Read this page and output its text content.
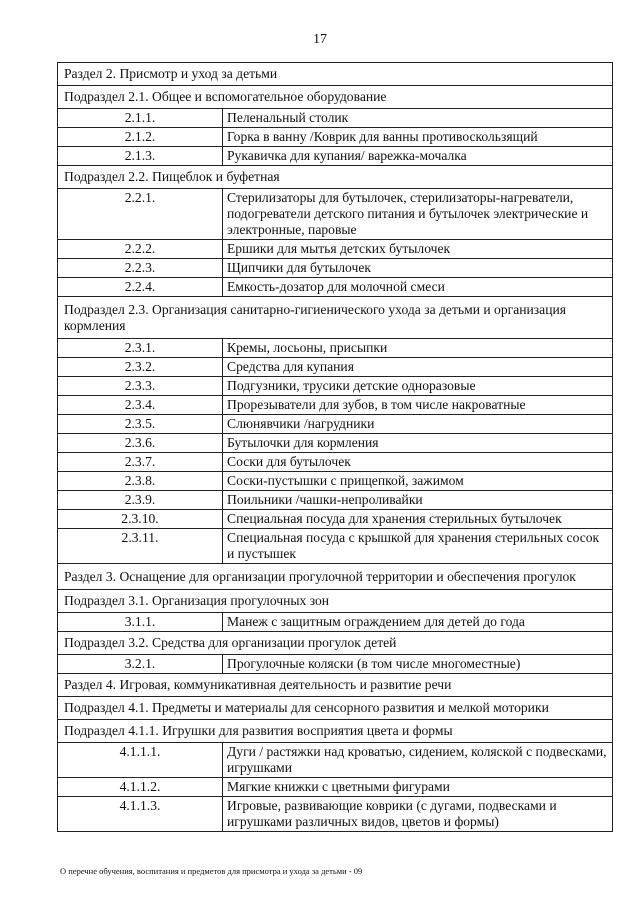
17
Раздел 2. Присмотр и уход за детьми	
Подраздел 2.1. Общее и вспомогательное оборудование	
2.1.1.	Пеленальный столик
2.1.2.	Горка в ванну /Коврик для ванны противоскользящий
2.1.3.	Рукавичка для купания/ варежка-мочалка
Подраздел 2.2. Пищеблок и буфетная	
2.2.1.	Стерилизаторы для бутылочек, стерилизаторы-нагреватели, подогреватели детского питания и бутылочек электрические и электронные, паровые
2.2.2.	Ершики для мытья детских бутылочек
2.2.3.	Щипчики для бутылочек
2.2.4.	Емкость-дозатор для молочной смеси
Подраздел 2.3. Организация санитарно-гигиенического ухода за детьми и организация кормления	
2.3.1.	Кремы, лосьоны, присыпки
2.3.2.	Средства для купания
2.3.3.	Подгузники, трусики детские одноразовые
2.3.4.	Прорезыватели для зубов, в том числе накроватные
2.3.5.	Слюнявчики /нагрудники
2.3.6.	Бутылочки для кормления
2.3.7.	Соски для бутылочек
2.3.8.	Соски-пустышки с прищепкой, зажимом
2.3.9.	Поильники /чашки-непроливайки
2.3.10.	Специальная посуда для хранения стерильных бутылочек
2.3.11.	Специальная посуда с крышкой для хранения стерильных сосок и пустышек
Раздел 3. Оснащение для организации прогулочной территории и обеспечения прогулок	
Подраздел 3.1. Организация прогулочных зон	
3.1.1.	Манеж с защитным ограждением для детей до года
Подраздел 3.2. Средства для организации прогулок детей	
3.2.1.	Прогулочные коляски (в том числе многоместные)
Раздел 4. Игровая, коммуникативная деятельность и развитие речи	
Подраздел 4.1. Предметы и материалы для сенсорного развития и мелкой моторики	
Подраздел 4.1.1. Игрушки для развития восприятия цвета и формы	
4.1.1.1.	Дуги / растяжки над кроватью, сидением, коляской с подвесками, игрушками
4.1.1.2.	Мягкие книжки с цветными фигурами
4.1.1.3.	Игровые, развивающие коврики (с дугами, подвесками и игрушками различных видов, цветов и формы)
О перечне обучения, воспитания и предметов для присмотра и ухода за детьми - 09
